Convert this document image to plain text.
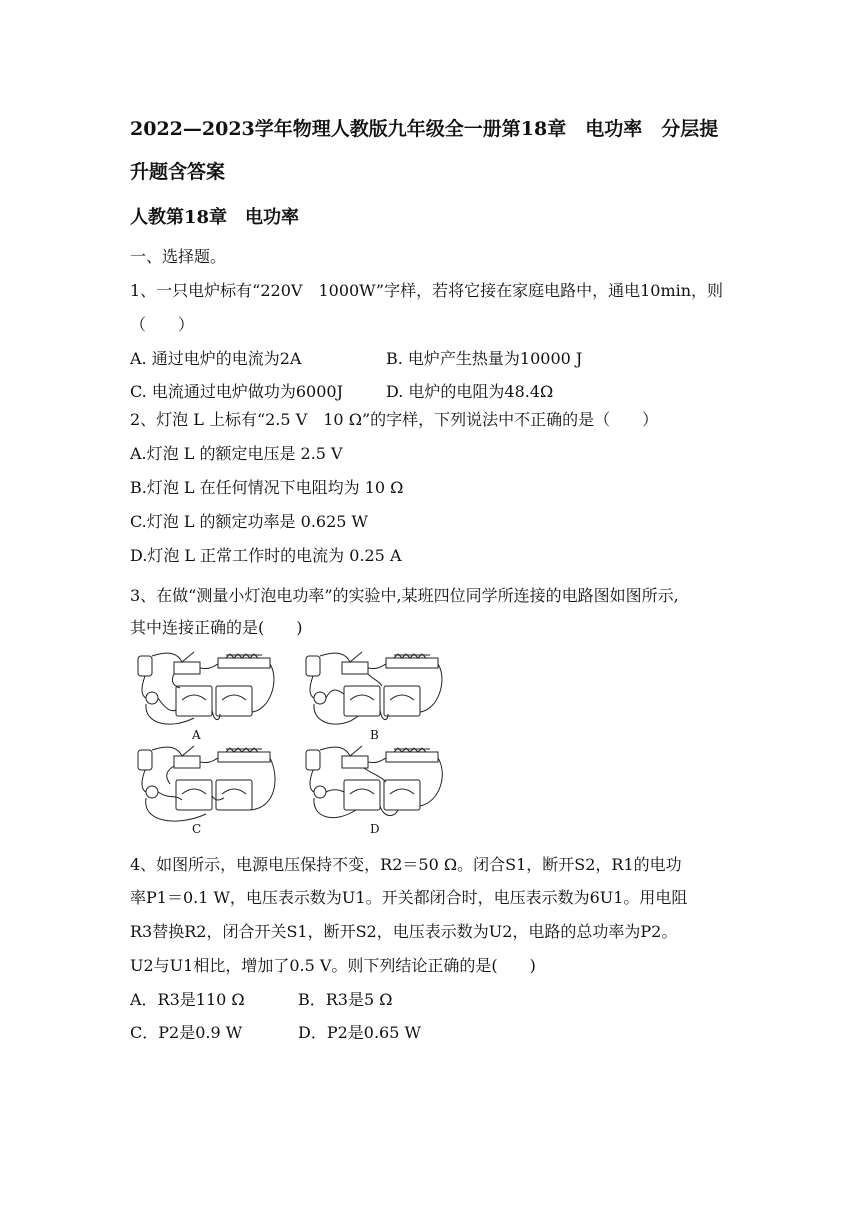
2022—2023学年物理人教版九年级全一册第18章　电功率　分层提
升题含答案
人教第18章　电功率
一、选择题。
1、一只电炉标有“220V　1000W”字样，若将它接在家庭电路中，通电10min，则
（　　）
A. 通过电炉的电流为2A	B. 电炉产生热量为10000 J
C. 电流通过电炉做功为6000J	D. 电炉的电阻为48.4Ω
2、灯泡 L 上标有“2.5 V　10 Ω”的字样，下列说法中不正确的是（　　）
A.灯泡 L 的额定电压是 2.5 V
B.灯泡 L 在任何情况下电阻均为 10 Ω
C.灯泡 L 的额定功率是 0.625 W
D.灯泡 L 正常工作时的电流为 0.25 A
3、在做“测量小灯泡电功率”的实验中,某班四位同学所连接的电路图如图所示,
其中连接正确的是(　　)
A	B
C	D
4、如图所示，电源电压保持不变，R2＝50 Ω。闭合S1，断开S2，R1的电功
率P1＝0.1 W，电压表示数为U1。开关都闭合时，电压表示数为6U1。用电阻
R3替换R2，闭合开关S1，断开S2，电压表示数为U2，电路的总功率为P2。
U2与U1相比，增加了0.5 V。则下列结论正确的是(　　)
A．R3是110 Ω	B．R3是5 Ω
C．P2是0.9 W	D．P2是0.65 W
